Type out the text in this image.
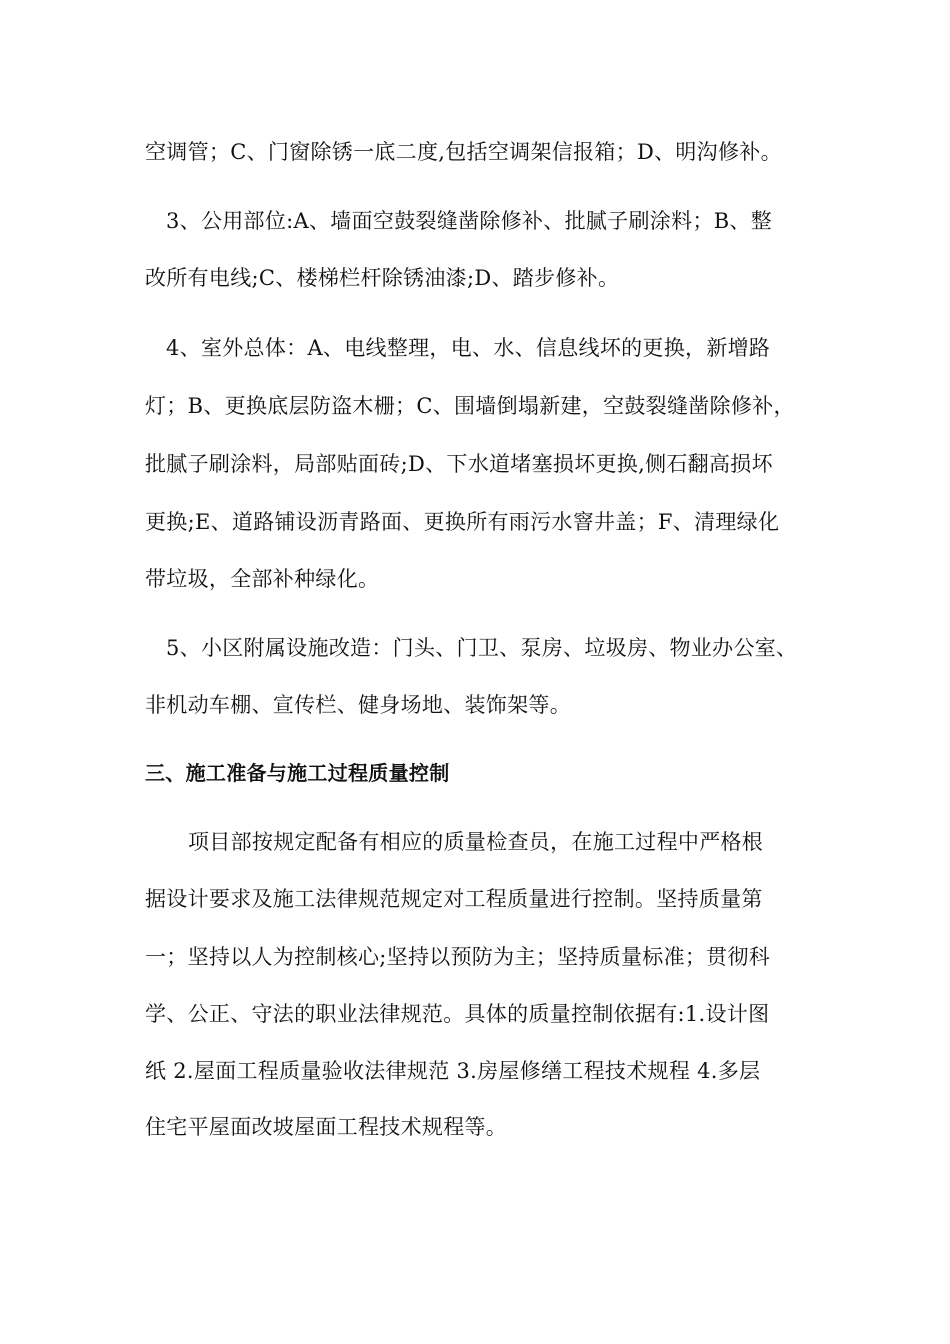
空调管；C、门窗除锈一底二度,包括空调架信报箱；D、明沟修补。
3、公用部位:A、墙面空鼓裂缝凿除修补、批腻子刷涂料；B、整
改所有电线;C、楼梯栏杆除锈油漆;D、踏步修补。
4、室外总体：A、电线整理，电、水、信息线坏的更换，新增路
灯；B、更换底层防盗木栅；C、围墙倒塌新建，空鼓裂缝凿除修补，
批腻子刷涂料，局部贴面砖;D、下水道堵塞损坏更换,侧石翻高损坏
更换;E、道路铺设沥青路面、更换所有雨污水窨井盖；F、清理绿化
带垃圾，全部补种绿化。
5、小区附属设施改造：门头、门卫、泵房、垃圾房、物业办公室、
非机动车棚、宣传栏、健身场地、装饰架等。
三、施工准备与施工过程质量控制
项目部按规定配备有相应的质量检查员，在施工过程中严格根
据设计要求及施工法律规范规定对工程质量进行控制。坚持质量第
一；坚持以人为控制核心;坚持以预防为主；坚持质量标准；贯彻科
学、公正、守法的职业法律规范。具体的质量控制依据有:1.设计图
纸 2.屋面工程质量验收法律规范 3.房屋修缮工程技术规程 4.多层
住宅平屋面改坡屋面工程技术规程等。
